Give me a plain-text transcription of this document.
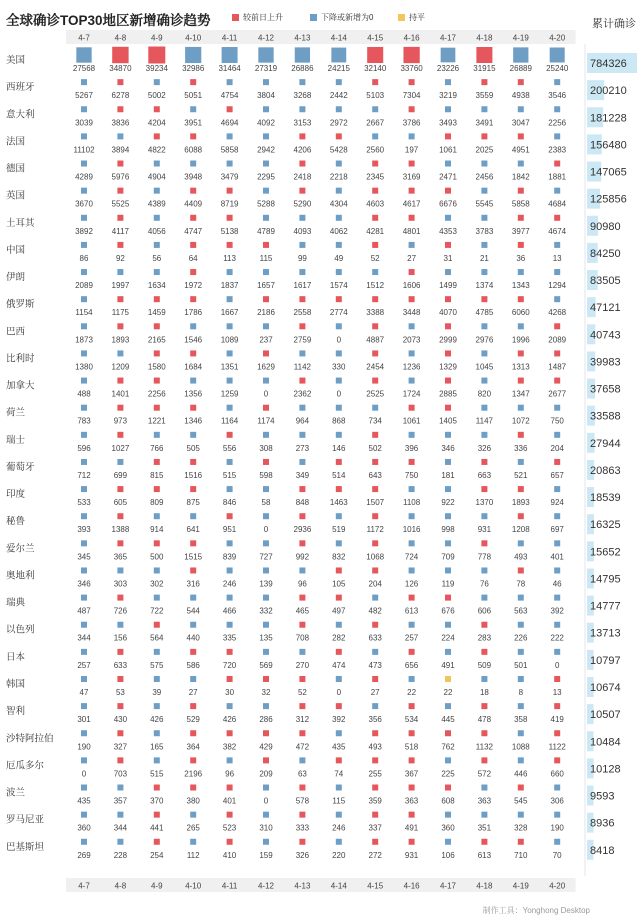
全球确诊TOP30地区新增确诊趋势	较前日上升	下降或新增为0	持平
累计确诊
4-7	4-8	4-9	4-10	4-11	4-12	4-13	4-14	4-15	4-16	4-17	4-18	4-19	4-20
4-7	4-8	4-9	4-10	4-11	4-12	4-13	4-14	4-15	4-16	4-17	4-18	4-19	4-20
美国
27568 34870 39234 32986 31464 27319 26886 24215 32140 33760 23226 31915 26889 25240 784326
西班牙
5267 6278 5002 5051 4754 3804 3268 2442 5103 7304 3219 3559 4938 3546 200210
意大利
3039 3836 4204 3951 4694 4092 3153 2972 2667 3786 3493 3491 3047 2256 181228
法国
11102 3894 4822 6088 5858 2942 4206 5428 2560	197	1061 2025 4951 2383 156480
德国
4289 5976 4904 3948 3479 2295 2418 2218 2345 3169 2471 2456 1842 1881 147065
英国
3670 5525 4389 4409 8719 5288 5290 4304 4603 4617 6676 5545 5858 4684 125856
土耳其
3892 4117 4056 4747 5138 4789 4093 4062 4281 4801 4353 3783 3977 4674 90980
中国
86	92	56	64	113	115	99	49	52	27	31	21	36	13	84250
伊朗
2089 1997 1634 1972 1837 1657 1617 1574 1512 1606 1499 1374 1343 1294 83505
俄罗斯
1154 1175 1459 1786 1667 2186 2558 2774 3388 3448 4070 4785 6060 4268 47121
巴西
1873 1893 2165 1546 1089	237	2759	0	4887 2073 2999 2976 1996 2089 40743
比利时
1380 1209 1580 1684 1351 1629 1142	330	2454 1236 1329 1045 1313 1487 39983
加拿大
488	1401 2256 1356 1259	0	2362	0	2525 1724 2885	820	1347 2677 37658
荷兰
783	973	1221 1346 1164 1174	964	868	734	1061 1405 1147 1072	750 33588
瑞士
596	1027	766	505	556	308	273	146	502	396	346	326	336	204 27944
葡萄牙
712	699	815	1516	515	598	349	514	643	750	181	663	521	657 20863
印度
533	605	809	875	846	58	848	1463 1507 1108	922	1370 1893	924 18539
秘鲁
393	1388	914	641	951	0	2936	519	1172 1016	998	931	1208	697 16325
爱尔兰
345	365	500	1515	839	727	992	832	1068	724	709	778	493	401 15652
奥地利
346	303	302	316	246	139	96	105	204	126	119	76	78	46	14795
瑞典
487	726	722	544	466	332	465	497	482	613	676	606	563	392 14777
以色列
344	156	564	440	335	135	708	282	633	257	224	283	226	222 13713
日本
257	633	575	586	720	569	270	474	473	656	491	509	501	0	10797
韩国
47	53	39	27	30	32	52	0	27	22	22	18	8	13	10674
智利
301	430	426	529	426	286	312	392	356	534	445	478	358	419 10507
沙特阿拉伯
190	327	165	364	382	429	472	435	493	518	762	1132 1088 1122 10484
厄瓜多尔
0	703	515	2196	96	209	63	74	255	367	225	572	446	660 10128
波兰
435	357	370	380	401	0	578	115	359	363	608	363	545	306 9593
罗马尼亚
360	344	441	265	523	310	333	246	337	491	360	351	328	190 8936
巴基斯坦
269	228	254	112	410	159	326	220	272	931	106	613	710	70	8418
制作工具：Yonghong Desktop
